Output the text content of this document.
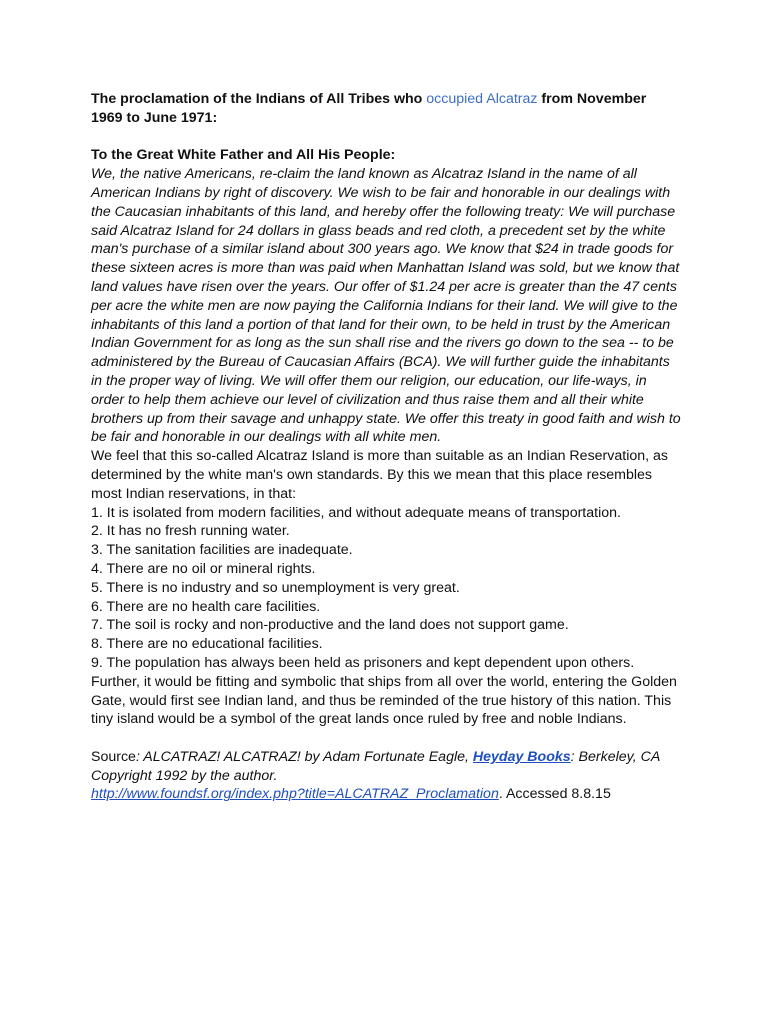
The proclamation of the Indians of All Tribes who occupied Alcatraz from November 1969 to June 1971:

To the Great White Father and All His People:

We, the native Americans, re-claim the land known as Alcatraz Island in the name of all American Indians by right of discovery. We wish to be fair and honorable in our dealings with the Caucasian inhabitants of this land, and hereby offer the following treaty: We will purchase said Alcatraz Island for 24 dollars in glass beads and red cloth, a precedent set by the white man's purchase of a similar island about 300 years ago. We know that $24 in trade goods for these sixteen acres is more than was paid when Manhattan Island was sold, but we know that land values have risen over the years. Our offer of $1.24 per acre is greater than the 47 cents per acre the white men are now paying the California Indians for their land. We will give to the inhabitants of this land a portion of that land for their own, to be held in trust by the American Indian Government for as long as the sun shall rise and the rivers go down to the sea -- to be administered by the Bureau of Caucasian Affairs (BCA). We will further guide the inhabitants in the proper way of living. We will offer them our religion, our education, our life-ways, in order to help them achieve our level of civilization and thus raise them and all their white brothers up from their savage and unhappy state. We offer this treaty in good faith and wish to be fair and honorable in our dealings with all white men.

We feel that this so-called Alcatraz Island is more than suitable as an Indian Reservation, as determined by the white man's own standards. By this we mean that this place resembles most Indian reservations, in that:

1. It is isolated from modern facilities, and without adequate means of transportation.
2. It has no fresh running water.
3. The sanitation facilities are inadequate.
4. There are no oil or mineral rights.
5. There is no industry and so unemployment is very great.
6. There are no health care facilities.
7. The soil is rocky and non-productive and the land does not support game.
8. There are no educational facilities.
9. The population has always been held as prisoners and kept dependent upon others.

Further, it would be fitting and symbolic that ships from all over the world, entering the Golden Gate, would first see Indian land, and thus be reminded of the true history of this nation. This tiny island would be a symbol of the great lands once ruled by free and noble Indians.

Source: ALCATRAZ! ALCATRAZ! by Adam Fortunate Eagle, Heyday Books: Berkeley, CA Copyright 1992 by the author.
http://www.foundsf.org/index.php?title=ALCATRAZ_Proclamation. Accessed 8.8.15
